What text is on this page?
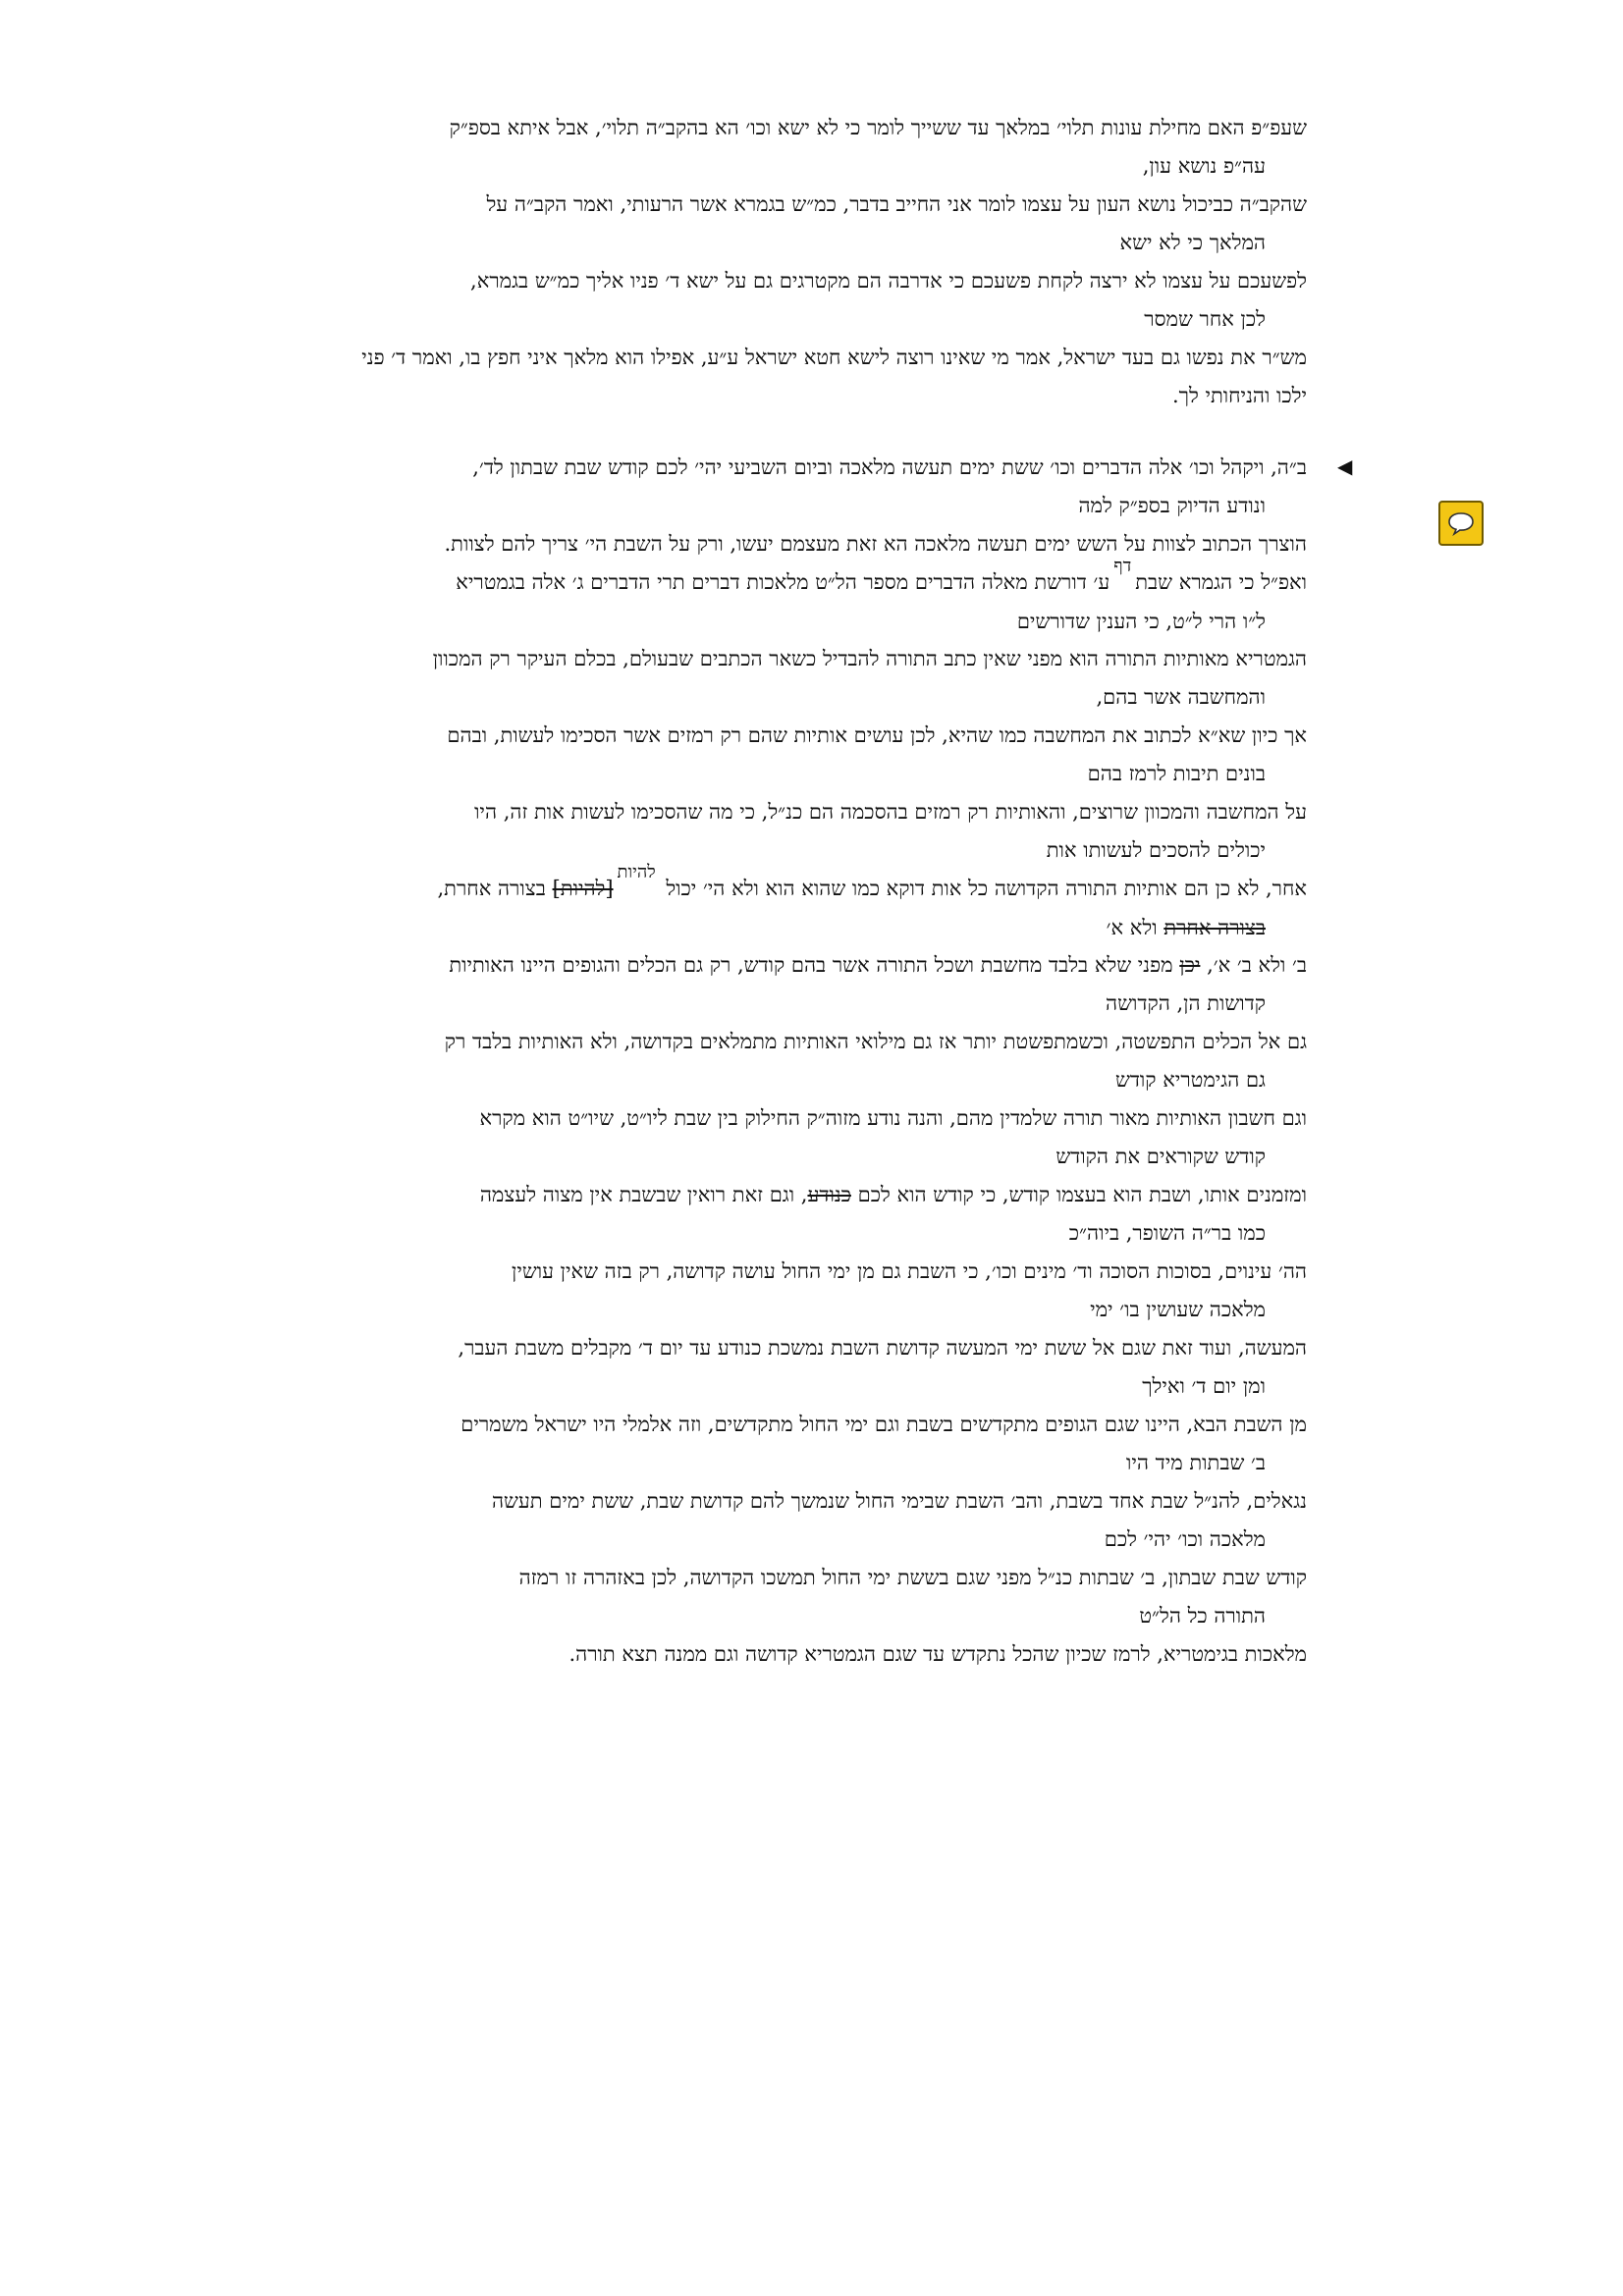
שעפ״פ האם מחילת עונות תלוי׳ במלאך עד ששייך לומר כי לא ישא וכו׳ הא בהקב״ה תלוי׳, אבל איתא בספ״ק
עה״פ נושא עון,
שהקב״ה כביכול נושא העון על עצמו לומר אני החייב בדבר, כמ״ש בגמרא אשר הרעותי, ואמר הקב״ה על
המלאך כי לא ישא
לפשעכם על עצמו לא ירצה לקחת פשעכם כי אדרבה הם מקטרגים גם על ישא ד׳ פניו אליך כמ״ש בגמרא,
לכן אחר שמסר
מש״ר את נפשו גם בעד ישראל, אמר מי שאינו רוצה לישא חטא ישראל ע״ע, אפילו הוא מלאך איני חפץ בו, ואמר ד׳ פני
ילכו והניחותי לך.
◀
ב״ה, ויקהל וכו׳ אלה הדברים וכו׳ ששת ימים תעשה מלאכה וביום השביעי יהי׳ לכם קודש שבת שבתון לד׳,
ונודע הדיוק בספ״ק למה
הוצרך הכתוב לצוות על השש ימים תעשה מלאכה הא זאת מעצמם יעשו, ורק על השבת הי׳ צריך להם לצוות.
ואפ״ל כי הגמרא שבתדףע׳ דורשת מאלה הדברים מספר הל״ט מלאכות דברים תרי הדברים ג׳ אלה בגמטריא
ל״ו הרי ל״ט, כי הענין שדורשים
הגמטריא מאותיות התורה הוא מפני שאין כתב התורה להבדיל כשאר הכתבים שבעולם, בכלם העיקר רק המכוון
והמחשבה אשר בהם,
אך כיון שא״א לכתוב את המחשבה כמו שהיא, לכן עושים אותיות שהם רק רמזים אשר הסכימו לעשות, ובהם
בונים תיבות לרמז בהם
על המחשבה והמכוון שרוצים, והאותיות רק רמזים בהסכמה הם כנ״ל, כי מה שהסכימו לעשות אות זה, היו
יכולים להסכים לעשותו אות
אחר, לא כן הם אותיות התורה הקדושה כל אות דוקא כמו שהוא הוא ולא הי׳ יכול להיות[להיות] בצורה אחרת,
בצורה אחרת ולא א׳
ב׳ ולא ב׳ א׳, יכן מפני שלא בלבד מחשבת ושכל התורה אשר בהם קודש, רק גם הכלים והגופים היינו האותיות
קדושות הן, הקדושה
גם אל הכלים התפשטה, וכשמתפשטת יותר אז גם מילואי האותיות מתמלאים בקדושה, ולא האותיות בלבד רק
גם הגימטריא קודש
וגם חשבון האותיות מאור תורה שלמדין מהם, והנה נודע מזוה״ק החילוק בין שבת ליו״ט, שיו״ט הוא מקרא
קודש שקוראים את הקודש
ומזמנים אותו, ושבת הוא בעצמו קודש, כי קודש הוא לכם כנודע, וגם זאת רואין שבשבת אין מצוה לעצמה
כמו בר״ה השופר, ביוה״כ
הה׳ עינוים, בסוכות הסוכה וד׳ מינים וכו׳, כי השבת גם מן ימי החול עושה קדושה, רק בזה שאין עושין
מלאכה שעושין בו׳ ימי
המעשה, ועוד זאת שגם אל ששת ימי המעשה קדושת השבת נמשכת כנודע עד יום ד׳ מקבלים משבת העבר,
ומן יום ד׳ ואילך
מן השבת הבא, היינו שגם הגופים מתקדשים בשבת וגם ימי החול מתקדשים, וזה אלמלי היו ישראל משמרים
ב׳ שבתות מיד היו
נגאלים, להנ״ל שבת אחד בשבת, והב׳ השבת שבימי החול שנמשך להם קדושת שבת, ששת ימים תעשה
מלאכה וכו׳ יהי׳ לכם
קודש שבת שבתון, ב׳ שבתות כנ״ל מפני שגם בששת ימי החול תמשכו הקדושה, לכן באזהרה זו רמזה
התורה כל הל״ט
מלאכות בגימטריא, לרמז שכיון שהכל נתקדש עד שגם הגמטריא קדושה וגם ממנה תצא תורה.
